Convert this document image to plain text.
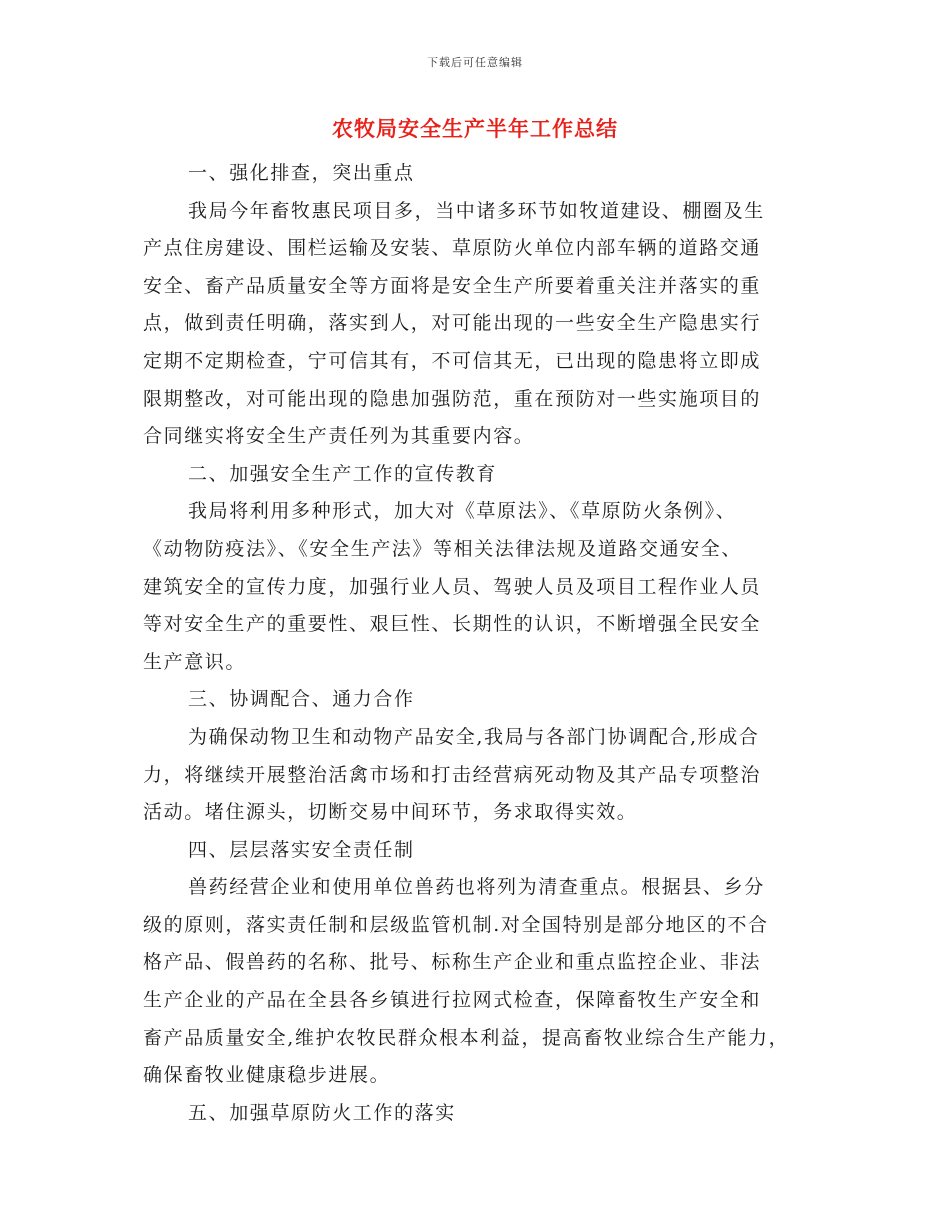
下载后可任意编辑
农牧局安全生产半年工作总结
一、强化排查，突出重点
我局今年畜牧惠民项目多，当中诸多环节如牧道建设、棚圈及生
产点住房建设、围栏运输及安装、草原防火单位内部车辆的道路交通
安全、畜产品质量安全等方面将是安全生产所要着重关注并落实的重
点，做到责任明确，落实到人，对可能出现的一些安全生产隐患实行
定期不定期检查，宁可信其有，不可信其无，已出现的隐患将立即成
限期整改，对可能出现的隐患加强防范，重在预防对一些实施项目的
合同继实将安全生产责任列为其重要内容。
二、加强安全生产工作的宣传教育
我局将利用多种形式，加大对《草原法》、《草原防火条例》、
《动物防疫法》、《安全生产法》等相关法律法规及道路交通安全、
建筑安全的宣传力度，加强行业人员、驾驶人员及项目工程作业人员
等对安全生产的重要性、艰巨性、长期性的认识，不断增强全民安全
生产意识。
三、协调配合、通力合作
为确保动物卫生和动物产品安全,我局与各部门协调配合,形成合
力，将继续开展整治活禽市场和打击经营病死动物及其产品专项整治
活动。堵住源头，切断交易中间环节，务求取得实效。
四、层层落实安全责任制
兽药经营企业和使用单位兽药也将列为清查重点。根据县、乡分
级的原则，落实责任制和层级监管机制.对全国特别是部分地区的不合
格产品、假兽药的名称、批号、标称生产企业和重点监控企业、非法
生产企业的产品在全县各乡镇进行拉网式检查，保障畜牧生产安全和
畜产品质量安全,维护农牧民群众根本利益，提高畜牧业综合生产能力，
确保畜牧业健康稳步进展。
五、加强草原防火工作的落实
